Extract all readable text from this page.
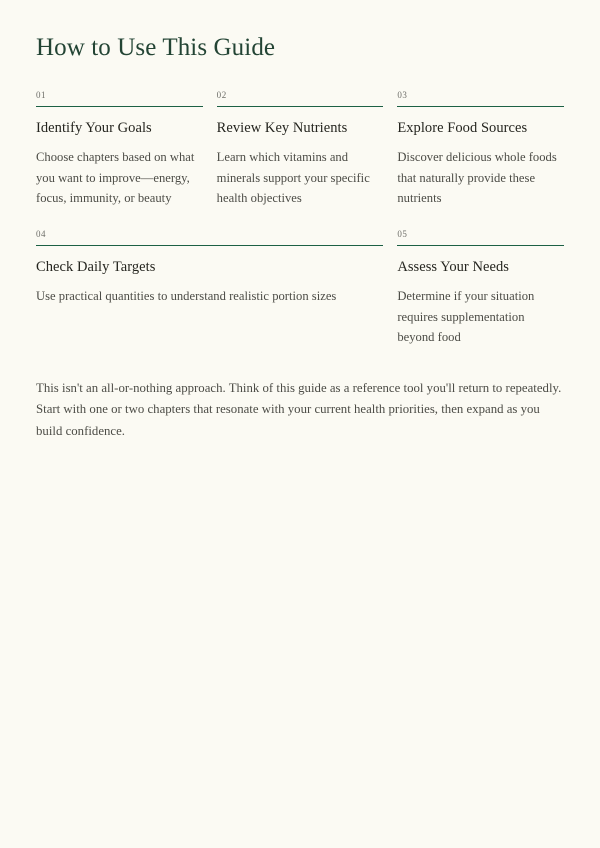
How to Use This Guide
01
Identify Your Goals

Choose chapters based on what you want to improve—energy, focus, immunity, or beauty

02
Review Key Nutrients

Learn which vitamins and minerals support your specific health objectives

03
Explore Food Sources

Discover delicious whole foods that naturally provide these nutrients

04
Check Daily Targets

Use practical quantities to understand realistic portion sizes

05
Assess Your Needs

Determine if your situation requires supplementation beyond food

This isn't an all-or-nothing approach. Think of this guide as a reference tool you'll return to repeatedly. Start with one or two chapters that resonate with your current health priorities, then expand as you build confidence.
